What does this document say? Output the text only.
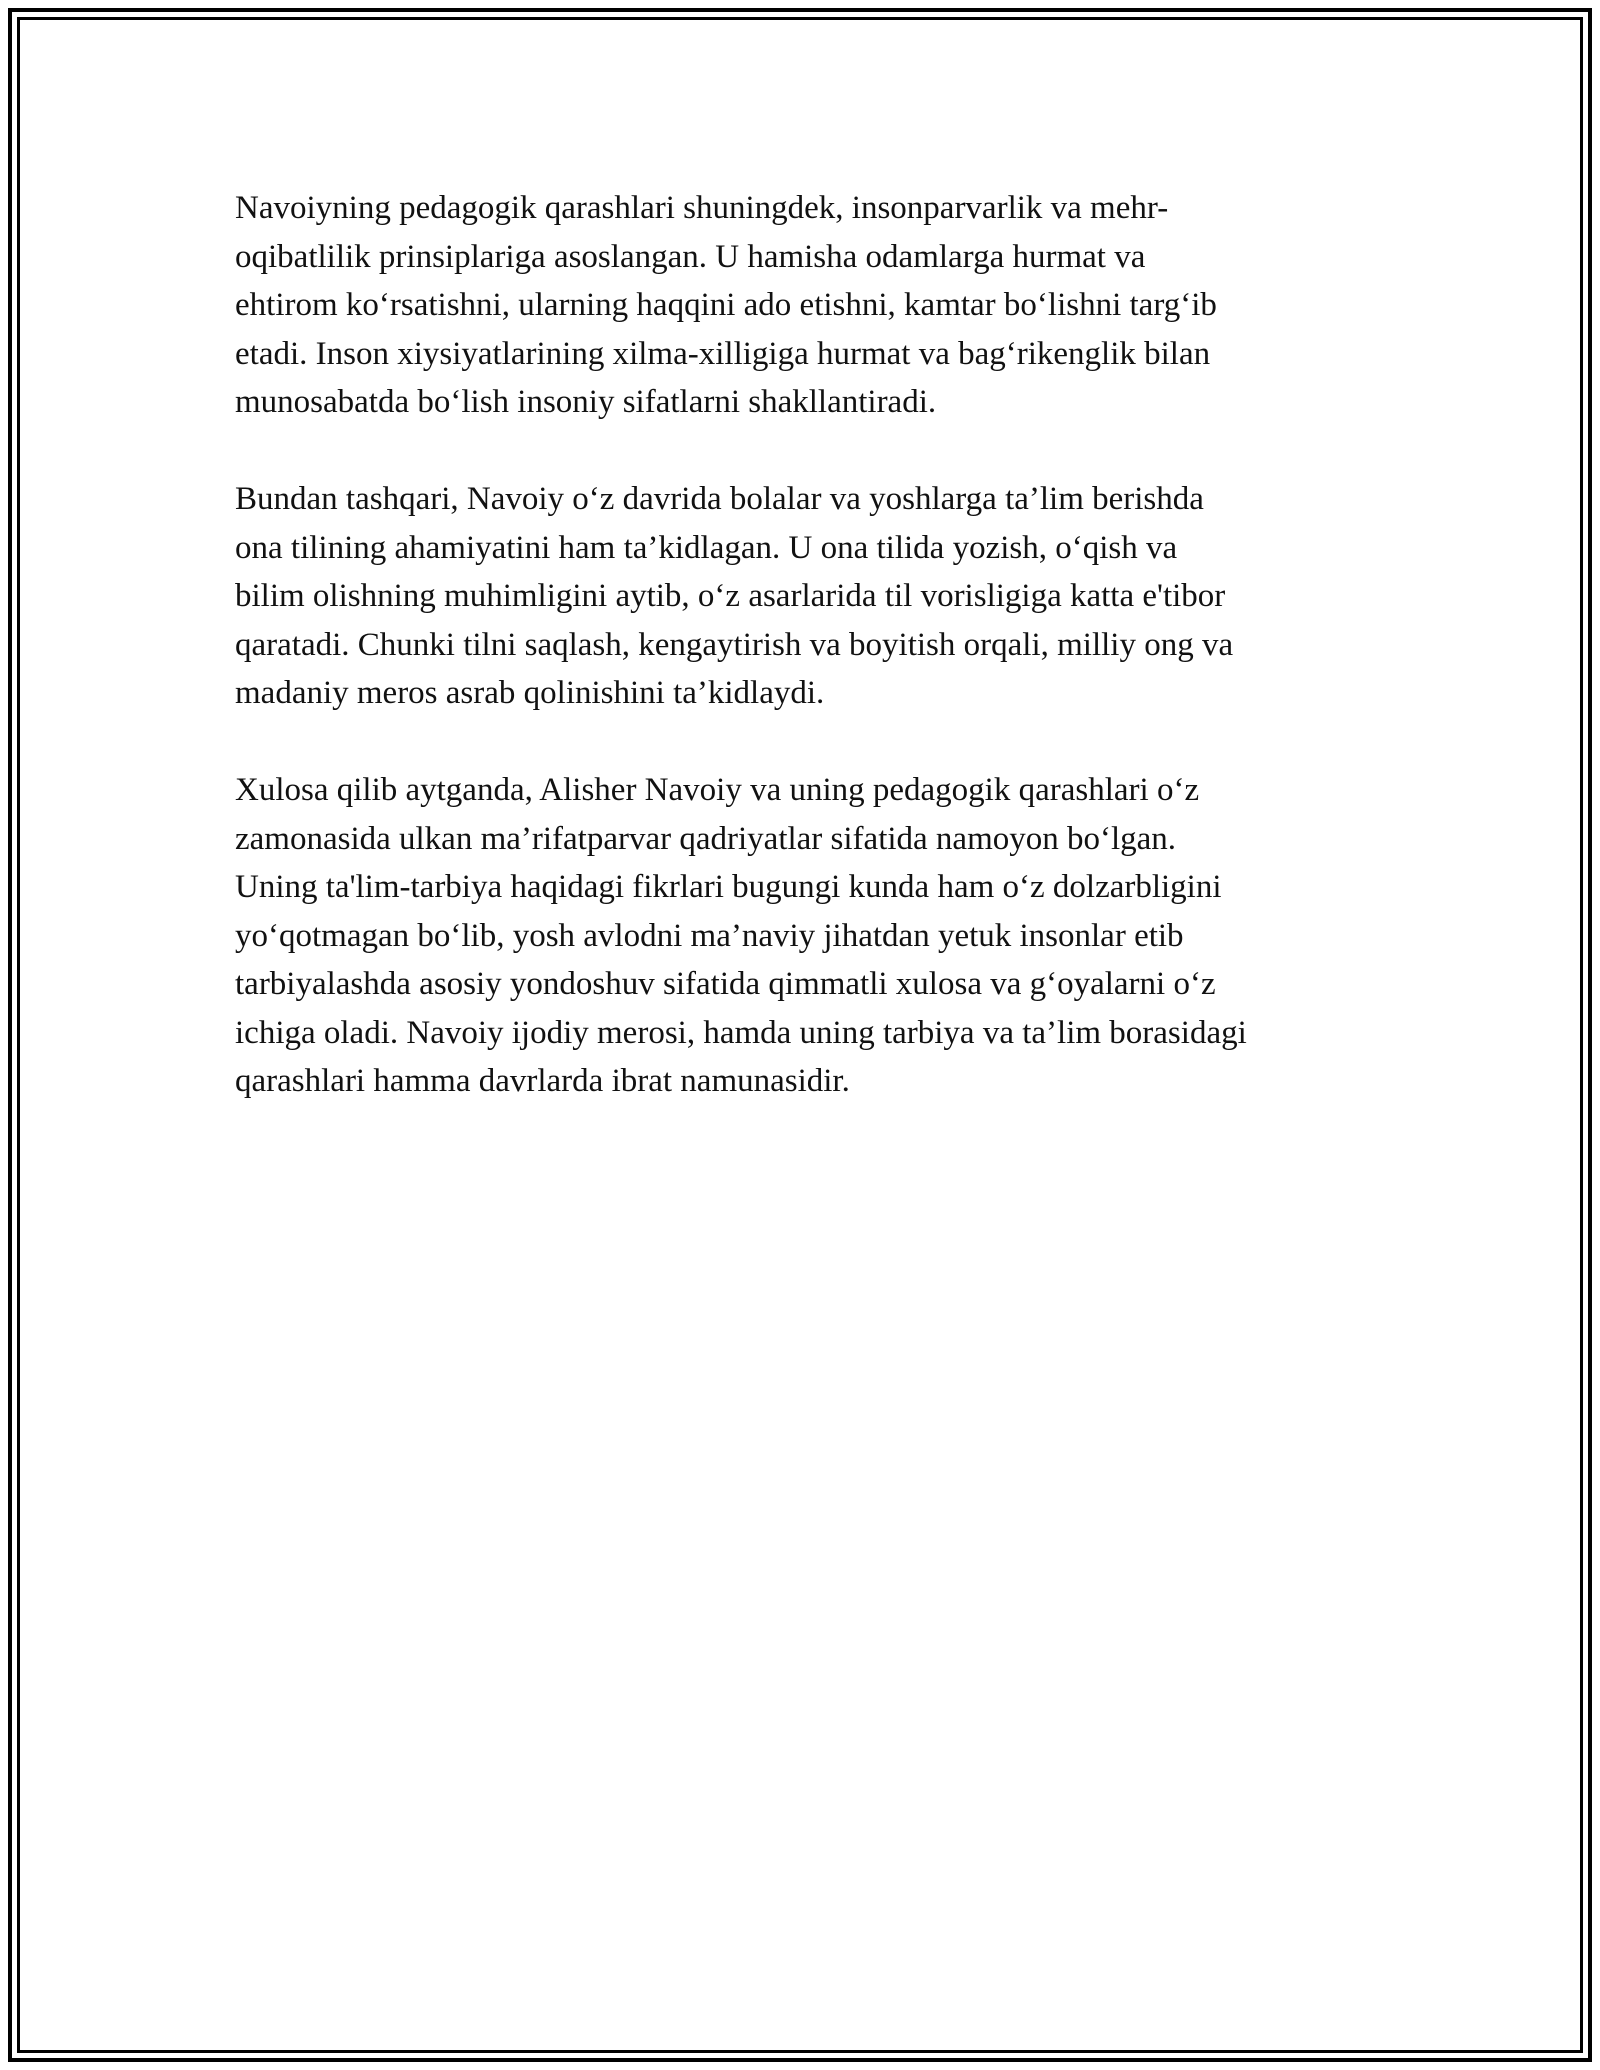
Navoiyning pedagogik qarashlari shuningdek, insonparvarlik va mehr-
oqibatlilik prinsiplariga asoslangan. U hamisha odamlarga hurmat va
ehtirom ko‘rsatishni, ularning haqqini ado etishni, kamtar bo‘lishni targ‘ib
etadi. Inson xiysiyatlarining xilma-xilligiga hurmat va bag‘rikenglik bilan
munosabatda bo‘lish insoniy sifatlarni shakllantiradi.

Bundan tashqari, Navoiy o‘z davrida bolalar va yoshlarga ta’lim berishda
ona tilining ahamiyatini ham ta’kidlagan. U ona tilida yozish, o‘qish va
bilim olishning muhimligini aytib, o‘z asarlarida til vorisligiga katta e'tibor
qaratadi. Chunki tilni saqlash, kengaytirish va boyitish orqali, milliy ong va
madaniy meros asrab qolinishini ta’kidlaydi.

Xulosa qilib aytganda, Alisher Navoiy va uning pedagogik qarashlari o‘z
zamonasida ulkan ma’rifatparvar qadriyatlar sifatida namoyon bo‘lgan.
Uning ta'lim-tarbiya haqidagi fikrlari bugungi kunda ham o‘z dolzarbligini
yo‘qotmagan bo‘lib, yosh avlodni ma’naviy jihatdan yetuk insonlar etib
tarbiyalashda asosiy yondoshuv sifatida qimmatli xulosa va g‘oyalarni o‘z
ichiga oladi. Navoiy ijodiy merosi, hamda uning tarbiya va ta’lim borasidagi
qarashlari hamma davrlarda ibrat namunasidir.
